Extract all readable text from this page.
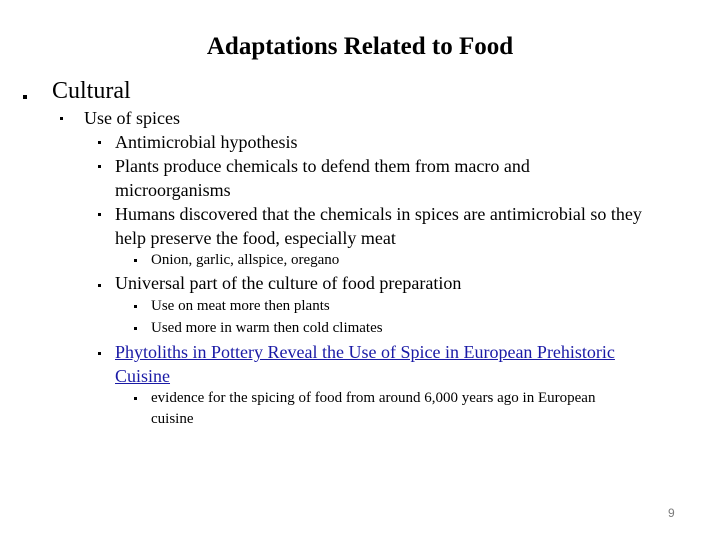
Adaptations Related to Food
Cultural
Use of spices
Antimicrobial hypothesis
Plants produce chemicals to defend them from macro and
microorganisms
Humans discovered that the chemicals in spices are antimicrobial so they
help preserve the food, especially meat
Onion, garlic, allspice, oregano
Universal part of the culture of food preparation
Use on meat more then plants
Used more in warm then cold climates
Phytoliths in Pottery Reveal the Use of Spice in European Prehistoric
Cuisine
evidence for the spicing of food from around 6,000 years ago in European
cuisine
9
